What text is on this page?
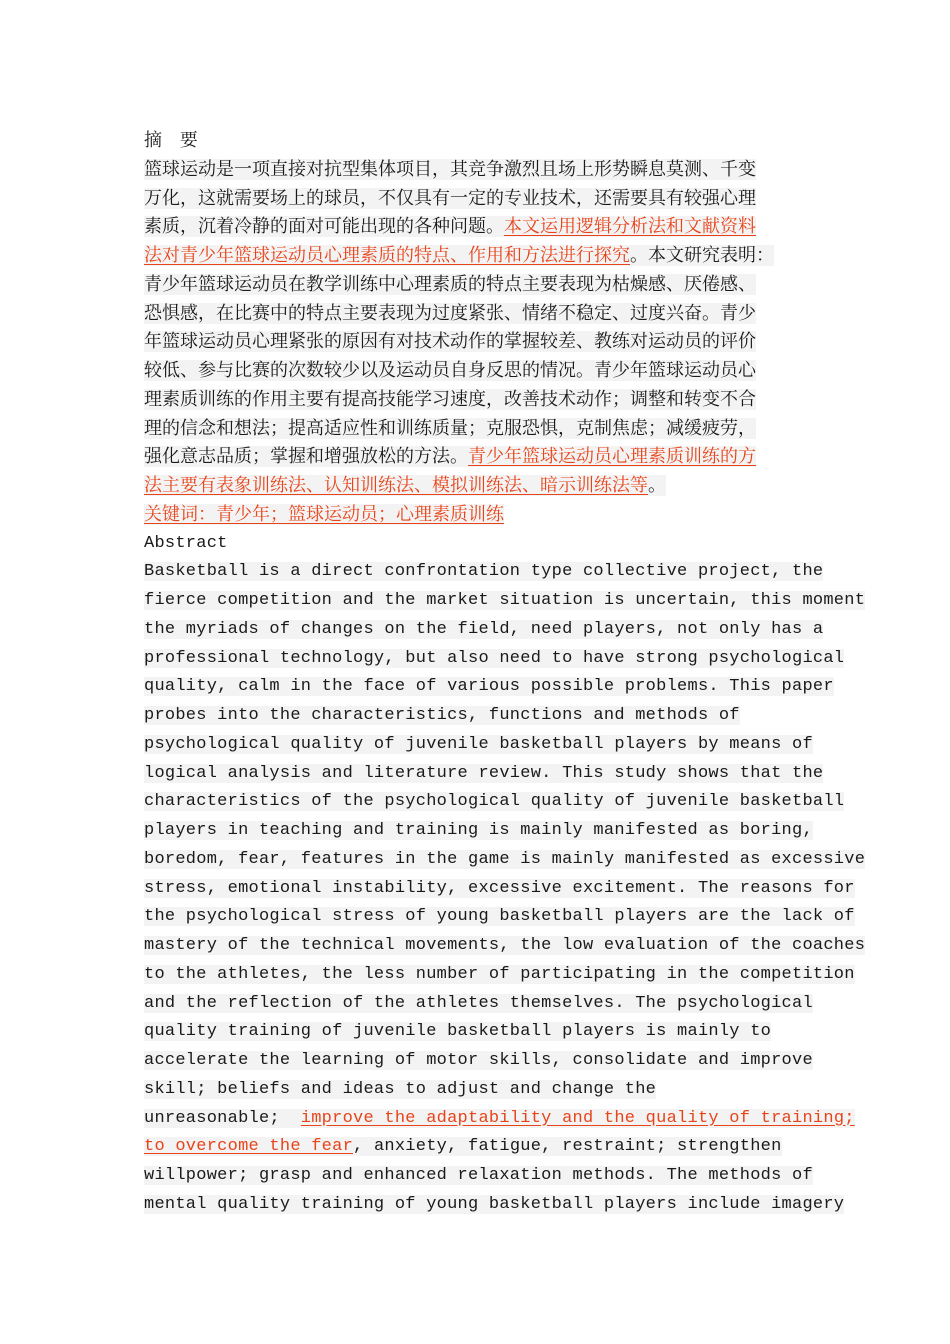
摘 要
篮球运动是一项直接对抗型集体项目，其竞争激烈且场上形势瞬息莫测、千变
万化，这就需要场上的球员，不仅具有一定的专业技术，还需要具有较强心理
素质，沉着冷静的面对可能出现的各种问题。本文运用逻辑分析法和文献资料
法对青少年篮球运动员心理素质的特点、作用和方法进行探究。本文研究表明：
青少年篮球运动员在教学训练中心理素质的特点主要表现为枯燥感、厌倦感、
恐惧感，在比赛中的特点主要表现为过度紧张、情绪不稳定、过度兴奋。青少
年篮球运动员心理紧张的原因有对技术动作的掌握较差、教练对运动员的评价
较低、参与比赛的次数较少以及运动员自身反思的情况。青少年篮球运动员心
理素质训练的作用主要有提高技能学习速度，改善技术动作；调整和转变不合
理的信念和想法；提高适应性和训练质量；克服恐惧，克制焦虑；减缓疲劳，
强化意志品质；掌握和增强放松的方法。青少年篮球运动员心理素质训练的方
法主要有表象训练法、认知训练法、模拟训练法、暗示训练法等。
关键词：青少年；篮球运动员；心理素质训练
Abstract
Basketball is a direct confrontation type collective project, the
fierce competition and the market situation is uncertain, this moment
the myriads of changes on the field, need players, not only has a
professional technology, but also need to have strong psychological
quality, calm in the face of various possible problems. This paper
probes into the characteristics, functions and methods of
psychological quality of juvenile basketball players by means of
logical analysis and literature review. This study shows that the
characteristics of the psychological quality of juvenile basketball
players in teaching and training is mainly manifested as boring,
boredom, fear, features in the game is mainly manifested as excessive
stress, emotional instability, excessive excitement. The reasons for
the psychological stress of young basketball players are the lack of
mastery of the technical movements, the low evaluation of the coaches
to the athletes, the less number of participating in the competition
and the reflection of the athletes themselves. The psychological
quality training of juvenile basketball players is mainly to
accelerate the learning of motor skills, consolidate and improve
skill; beliefs and ideas to adjust and change the
unreasonable;  improve the adaptability and the quality of training;
to overcome the fear, anxiety, fatigue, restraint; strengthen
willpower; grasp and enhanced relaxation methods. The methods of
mental quality training of young basketball players include imagery
